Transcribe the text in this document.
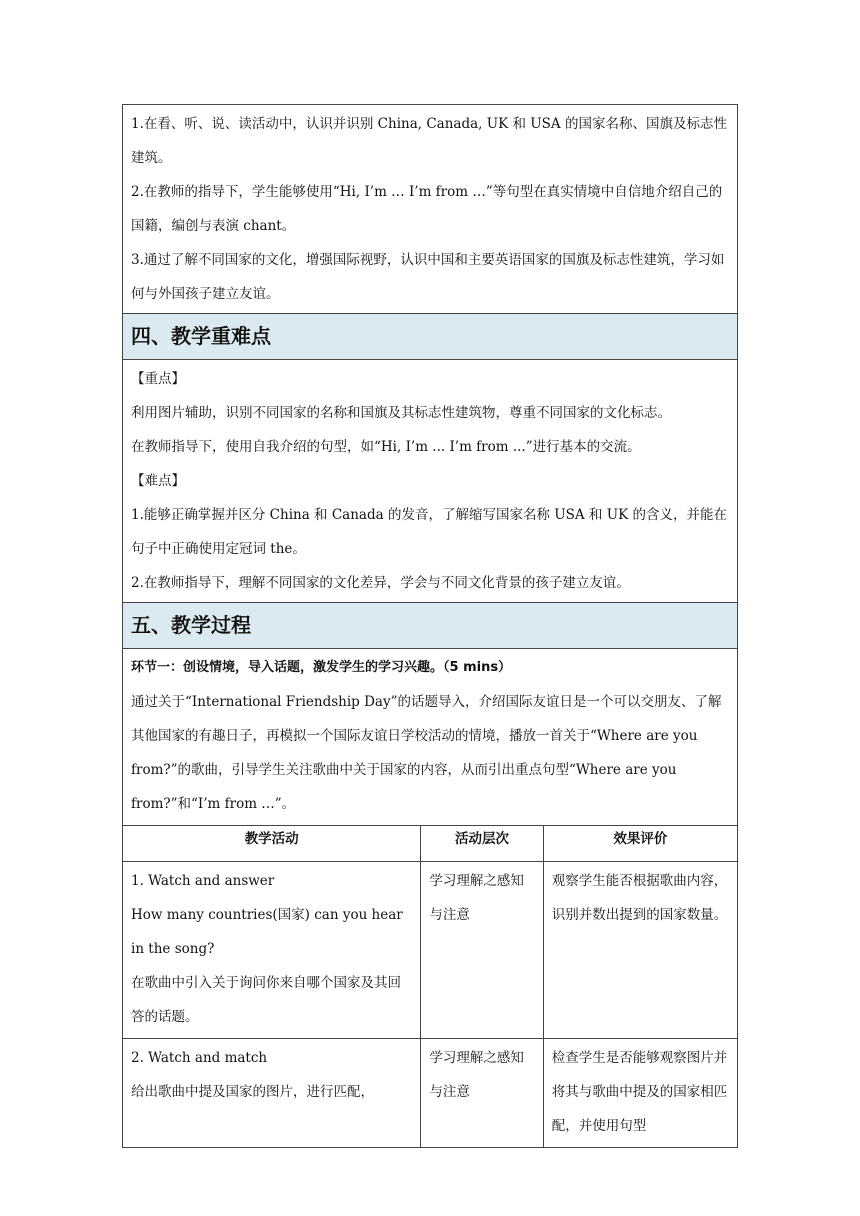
1.在看、听、说、读活动中，认识并识别 China, Canada, UK 和 USA 的国家名称、国旗及标志性建筑。

2.在教师的指导下，学生能够使用“Hi, I’m … I’m from …”等句型在真实情境中自信地介绍自己的国籍，编创与表演 chant。

3.通过了解不同国家的文化，增强国际视野，认识中国和主要英语国家的国旗及标志性建筑，学习如何与外国孩子建立友谊。

四、教学重难点

【重点】

利用图片辅助，识别不同国家的名称和国旗及其标志性建筑物，尊重不同国家的文化标志。

在教师指导下，使用自我介绍的句型，如“Hi, I’m ... I’m from ...”进行基本的交流。

【难点】

1.能够正确掌握并区分 China 和 Canada 的发音，了解缩写国家名称 USA 和 UK 的含义，并能在句子中正确使用定冠词 the。

2.在教师指导下，理解不同国家的文化差异，学会与不同文化背景的孩子建立友谊。

五、教学过程

环节一：创设情境，导入话题，激发学生的学习兴趣。（5 mins）

通过关于“International Friendship Day”的话题导入，介绍国际友谊日是一个可以交朋友、了解其他国家的有趣日子，再模拟一个国际友谊日学校活动的情境，播放一首关于“Where are you from?”的歌曲，引导学生关注歌曲中关于国家的内容，从而引出重点句型“Where are you from?”和“I’m from …”。

教学活动	活动层次	效果评价

1. Watch and answer

How many countries(国家) can you hear in the song?

在歌曲中引入关于询问你来自哪个国家及其回答的话题。	学习理解之感知与注意	观察学生能否根据歌曲内容，识别并数出提到的国家数量。

2. Watch and match

给出歌曲中提及国家的图片，进行匹配，	学习理解之感知与注意	检查学生是否能够观察图片并将其与歌曲中提及的国家相匹配，并使用句型
